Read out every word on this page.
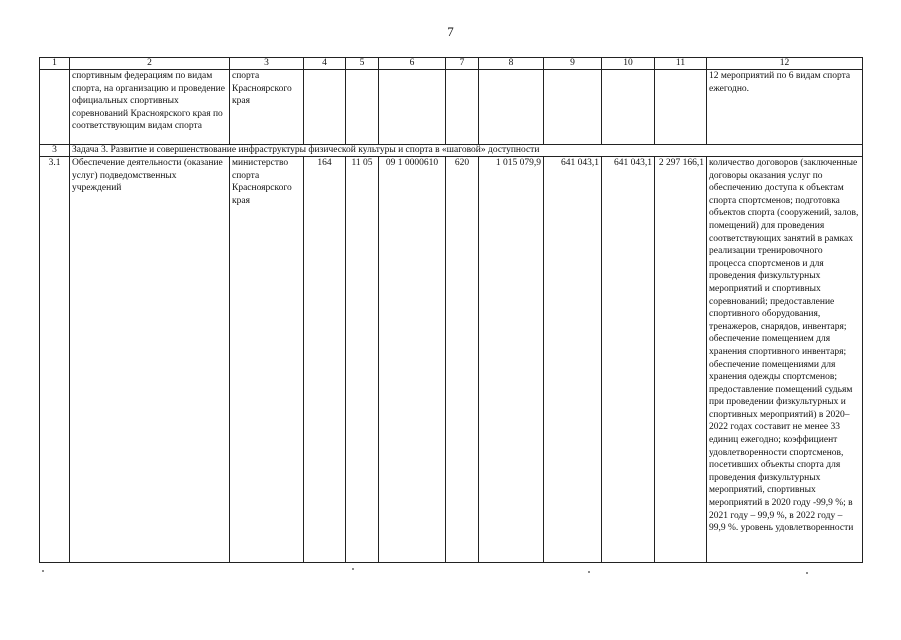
7
1	2	3	4	5	6	7	8	9	10	11	12
	спортивным федерациям по видам спорта, на организацию и проведение официальных спортивных соревнований Красноярского края по соответствующим видам спорта	спорта Красноярского края									12 мероприятий по 6 видам спорта ежегодно.
3	Задача 3. Развитие и совершенствование инфраструктуры физической культуры и спорта в «шаговой» доступности										
3.1	Обеспечение деятельности (оказание услуг) подведомственных учреждений	министерство спорта Красноярского края	164	11 05	09 1 0000610	620	1 015 079,9	641 043,1	641 043,1	2 297 166,1	количество договоров (заключенные договоры оказания услуг по обеспечению доступа к объектам спорта спортсменов; подготовка объектов спорта (сооружений, залов, помещений) для проведения соответствующих занятий в рамках реализации тренировочного процесса спортсменов и для проведения физкультурных мероприятий и спортивных соревнований; предоставление спортивного оборудования, тренажеров, снарядов, инвентаря; обеспечение помещением для хранения спортивного инвентаря; обеспечение помещениями для хранения одежды спортсменов; предоставление помещений судьям при проведении физкультурных и спортивных мероприятий) в 2020–2022 годах составит не менее 33 единиц ежегодно; коэффициент удовлетворенности спортсменов, посетивших объекты спорта для проведения физкультурных мероприятий, спортивных мероприятий в 2020 году -99,9 %; в 2021 году – 99,9 %, в 2022 году – 99,9 %. уровень удовлетворенности
